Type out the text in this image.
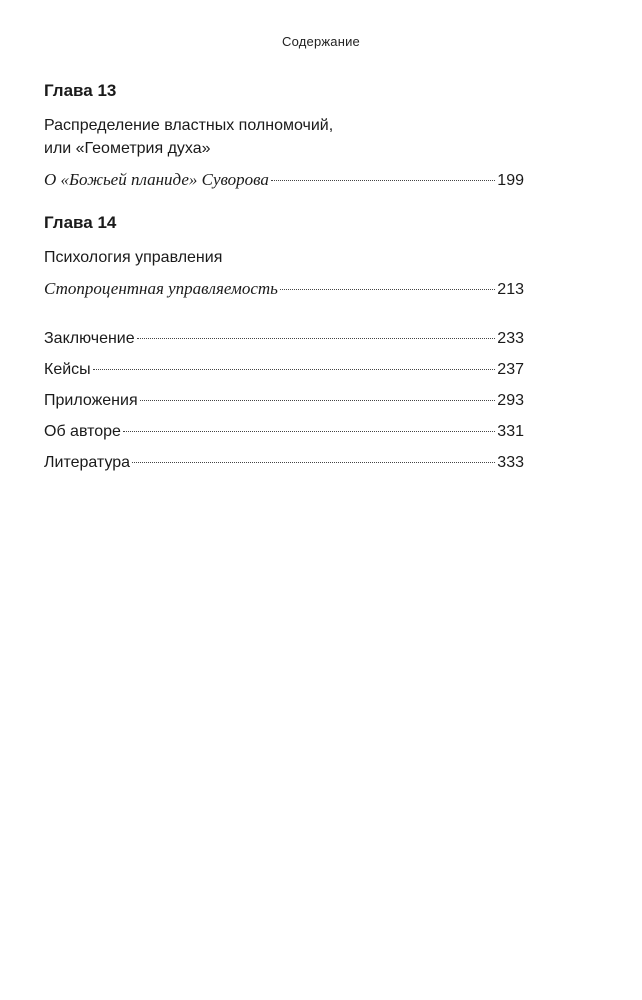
Содержание
Глава 13
Распределение властных полномочий,
или «Геометрия духа»
О «Божьей планиде» Суворова	199
Глава 14
Психология управления
Стопроцентная управляемость	213
Заключение	233
Кейсы	237
Приложения	293
Об авторе	331
Литература	333
